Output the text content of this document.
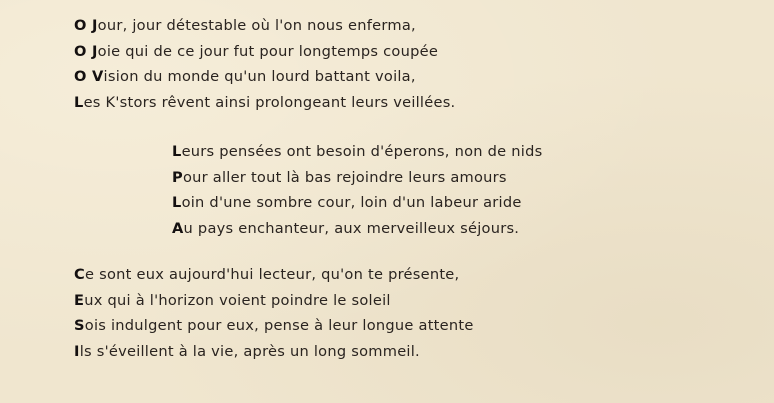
O Jour, jour détestable où l'on nous enferma,
O Joie qui de ce jour fut pour longtemps coupée
O Vision du monde qu'un lourd battant voila,
Les K'stors rêvent ainsi prolongeant leurs veillées.
Leurs pensées ont besoin d'éperons, non de nids
Pour aller tout là bas rejoindre leurs amours
Loin d'une sombre cour, loin d'un labeur aride
Au pays enchanteur, aux merveilleux séjours.
Ce sont eux aujourd'hui lecteur, qu'on te présente,
Eux qui à l'horizon voient poindre le soleil
Sois indulgent pour eux, pense à leur longue attente
Ils s'éveillent à la vie, après un long sommeil.
